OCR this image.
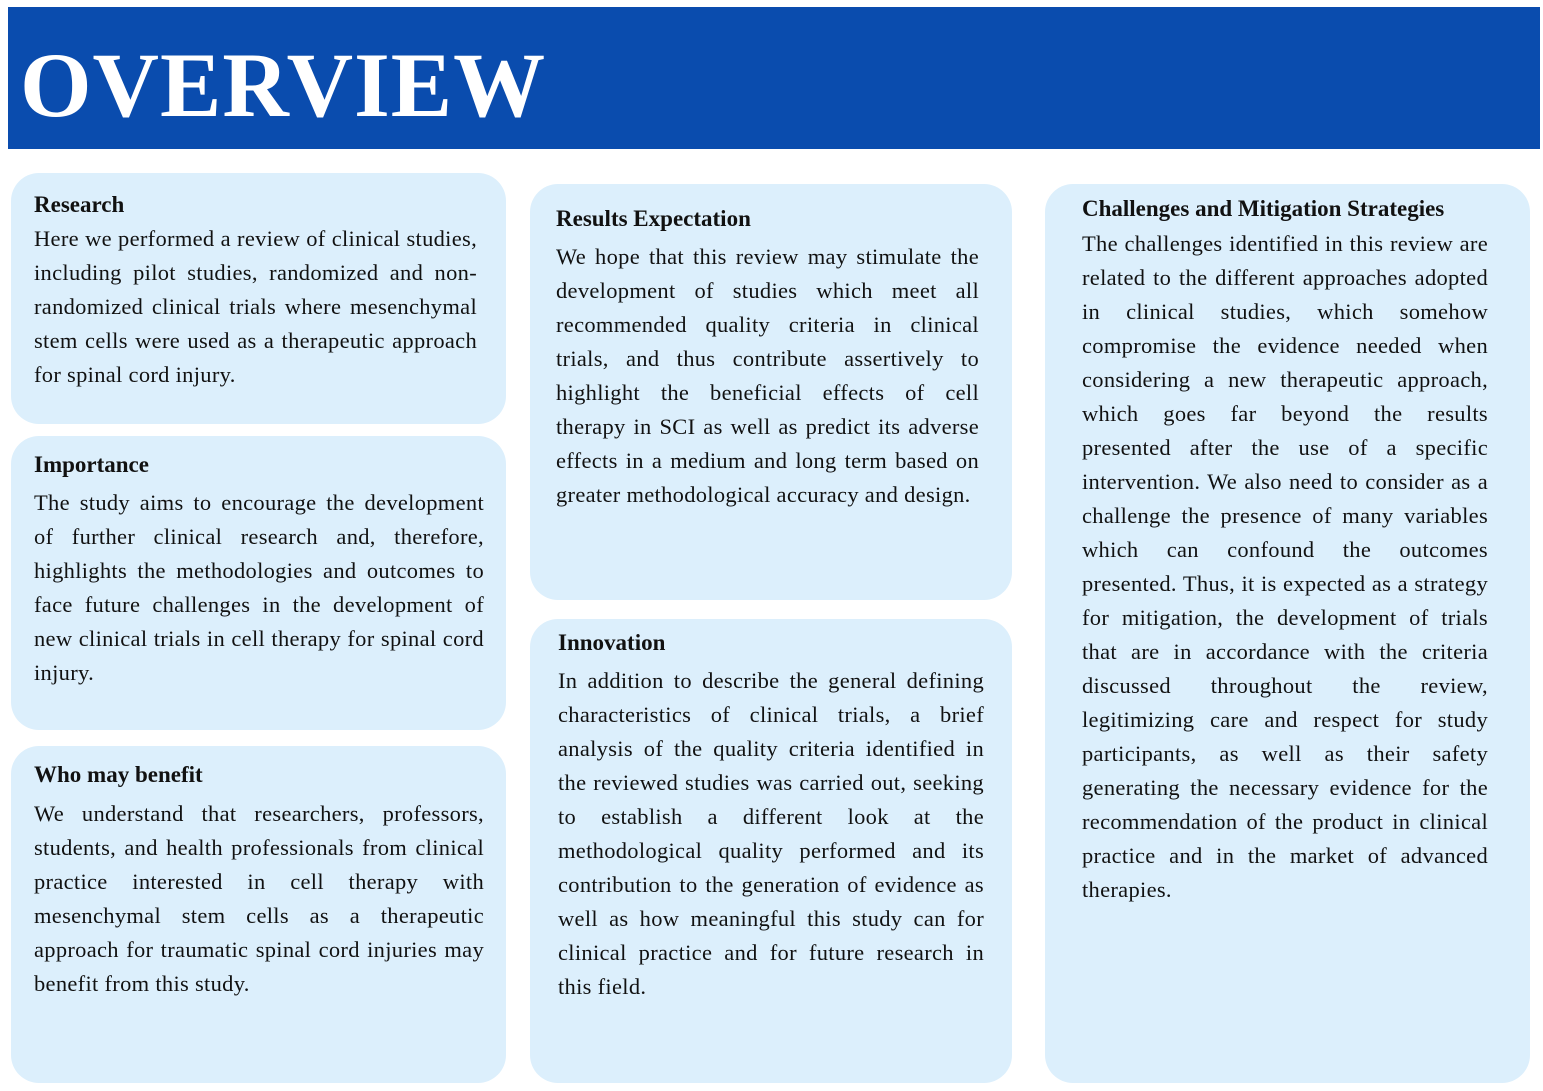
OVERVIEW
Research

Here we performed a review of clinical studies, including pilot studies, randomized and non-randomized clinical trials where mesenchymal stem cells were used as a therapeutic approach for spinal cord injury.

Importance

The study aims to encourage the development of further clinical research and, therefore, highlights the methodologies and outcomes to face future challenges in the development of new clinical trials in cell therapy for spinal cord injury.

Who may benefit

We understand that researchers, professors, students, and health professionals from clinical practice interested in cell therapy with mesenchymal stem cells as a therapeutic approach for traumatic spinal cord injuries may benefit from this study.

Results Expectation

We hope that this review may stimulate the development of studies which meet all recommended quality criteria in clinical trials, and thus contribute assertively to highlight the beneficial effects of cell therapy in SCI as well as predict its adverse effects in a medium and long term based on greater methodological accuracy and design.

Innovation

In addition to describe the general defining characteristics of clinical trials, a brief analysis of the quality criteria identified in the reviewed studies was carried out, seeking to establish a different look at the methodological quality performed and its contribution to the generation of evidence as well as how meaningful this study can for clinical practice and for future research in this field.

Challenges and Mitigation Strategies

The challenges identified in this review are related to the different approaches adopted in clinical studies, which somehow compromise the evidence needed when considering a new therapeutic approach, which goes far beyond the results presented after the use of a specific intervention. We also need to consider as a challenge the presence of many variables which can confound the outcomes presented. Thus, it is expected as a strategy for mitigation, the development of trials that are in accordance with the criteria discussed throughout the review, legitimizing care and respect for study participants, as well as their safety generating the necessary evidence for the recommendation of the product in clinical practice and in the market of advanced therapies.
